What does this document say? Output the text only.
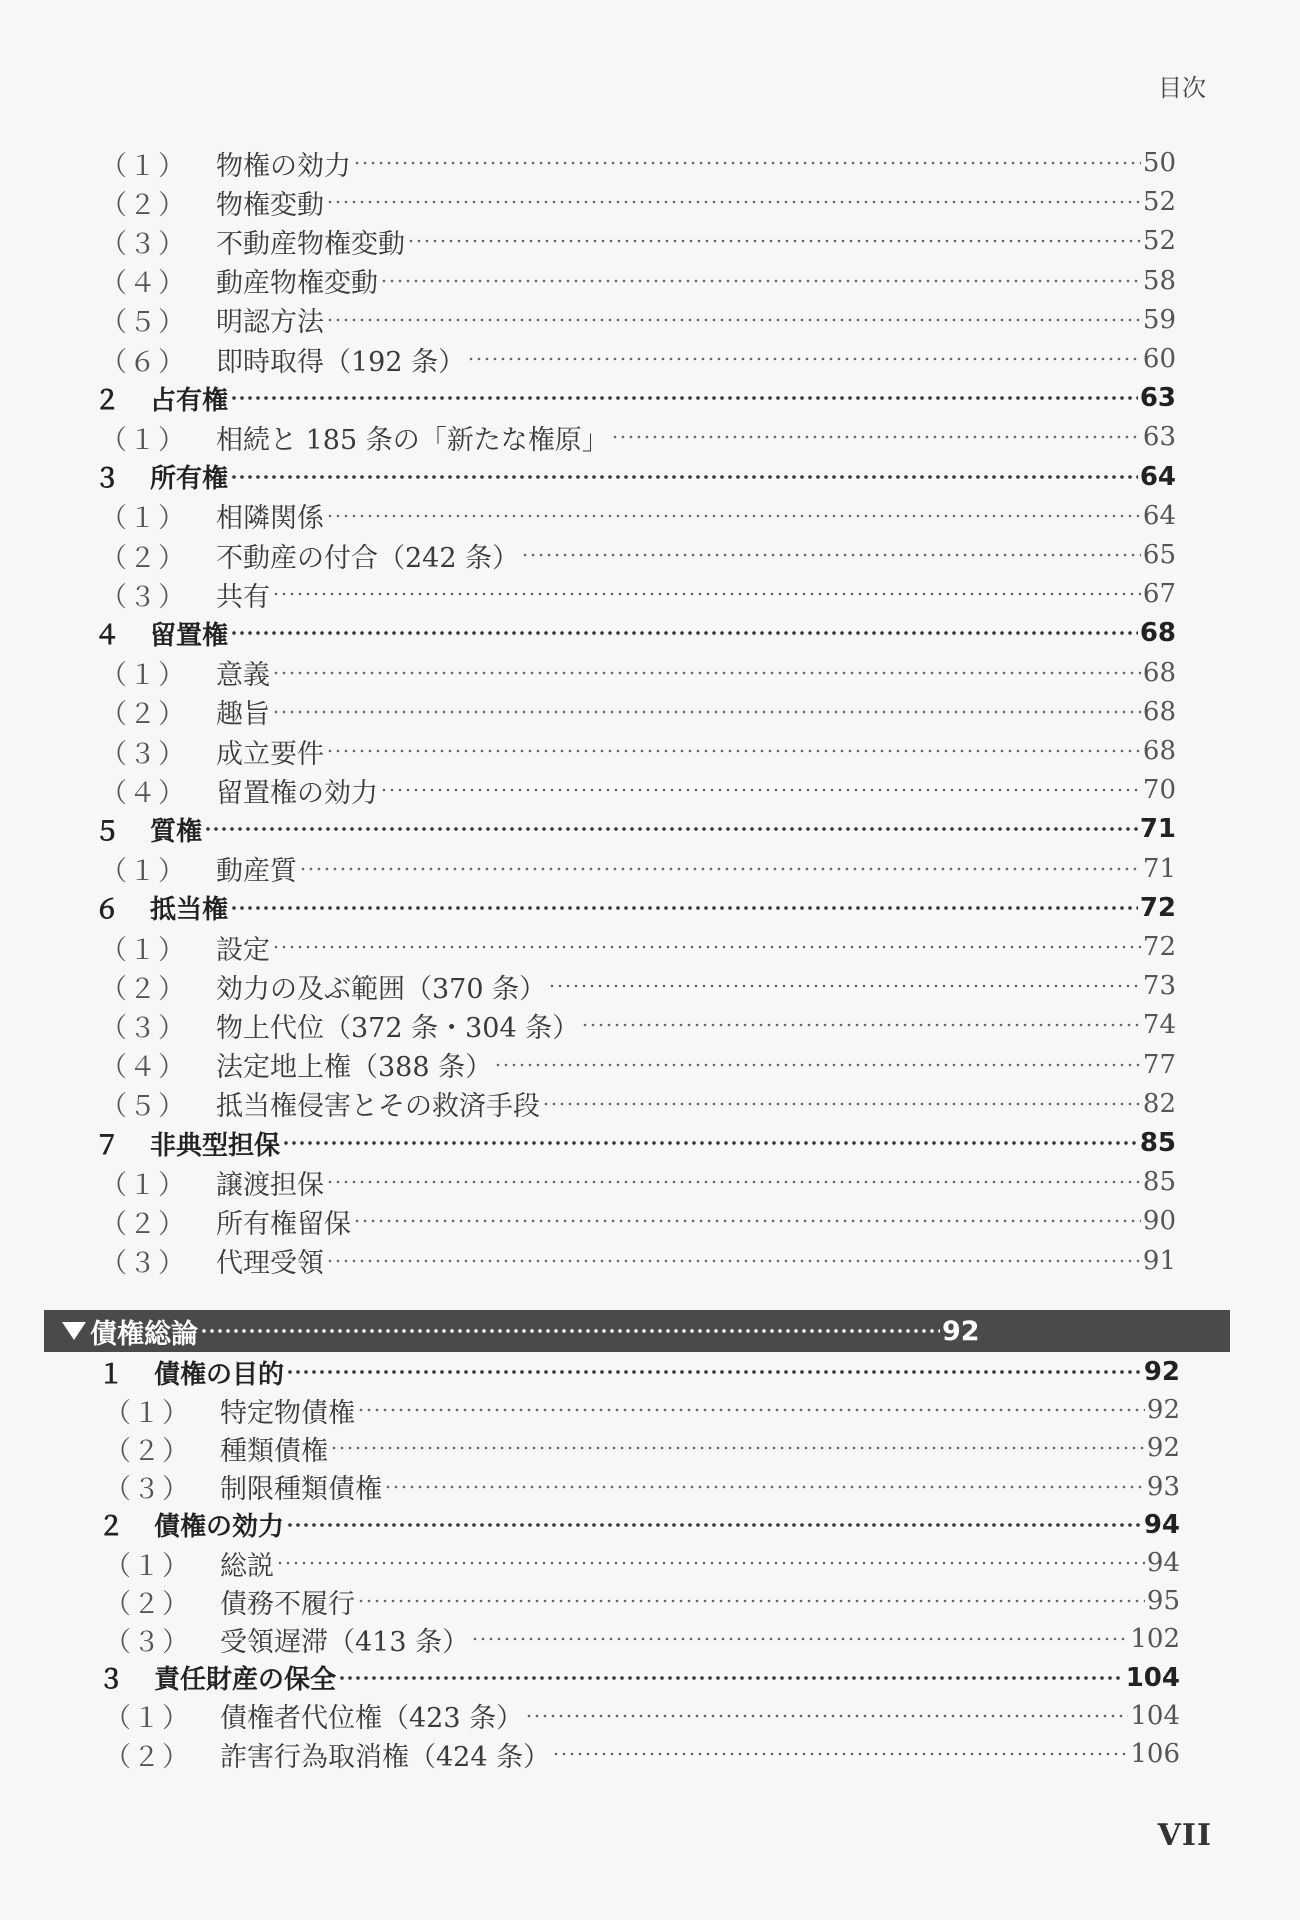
目次
（１）	物権の効力	50
（２）	物権変動	52
（３）	不動産物権変動	52
（４）	動産物権変動	58
（５）	明認方法	59
（６）	即時取得（192 条）	60
２	占有権	63
（１）	相続と 185 条の「新たな権原」	63
３	所有権	64
（１）	相隣関係	64
（２）	不動産の付合（242 条）	65
（３）	共有	67
４	留置権	68
（１）	意義	68
（２）	趣旨	68
（３）	成立要件	68
（４）	留置権の効力	70
５	質権	71
（１）	動産質	71
６	抵当権	72
（１）	設定	72
（２）	効力の及ぶ範囲（370 条）	73
（３）	物上代位（372 条・304 条）	74
（４）	法定地上権（388 条）	77
（５）	抵当権侵害とその救済手段	82
７	非典型担保	85
（１）	譲渡担保	85
（２）	所有権留保	90
（３）	代理受領	91
債権総論	92
１	債権の目的	92
（１）	特定物債権	92
（２）	種類債権	92
（３）	制限種類債権	93
２	債権の効力	94
（１）	総説	94
（２）	債務不履行	95
（３）	受領遅滞（413 条）	102
３	責任財産の保全	104
（１）	債権者代位権（423 条）	104
（２）	詐害行為取消権（424 条）	106
VII
